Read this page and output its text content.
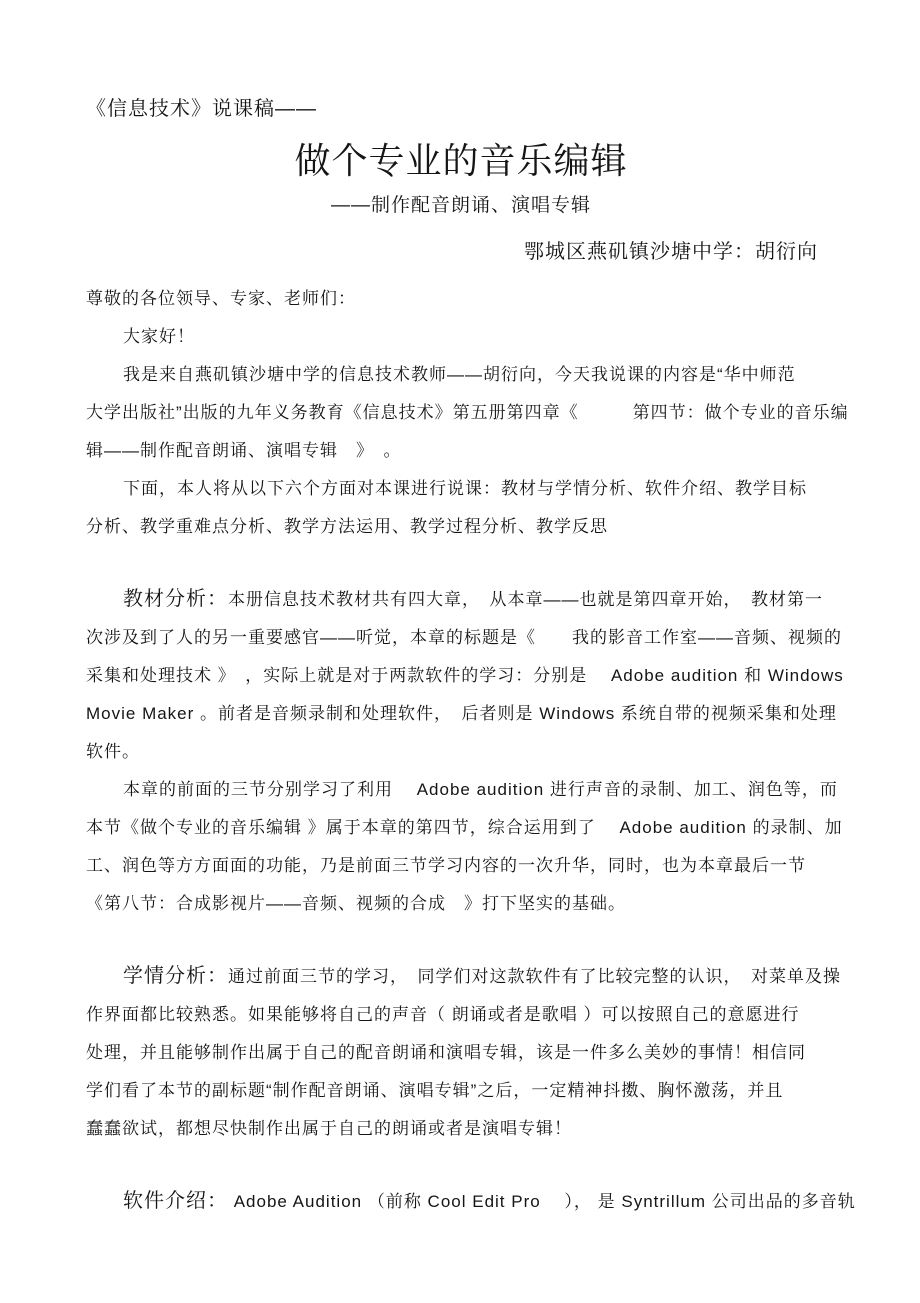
《信息技术》说课稿——
做个专业的音乐编辑
——制作配音朗诵、演唱专辑
鄂城区燕矶镇沙塘中学：胡衍向
尊敬的各位领导、专家、老师们：
大家好！
我是来自燕矶镇沙塘中学的信息技术教师——胡衍向，今天我说课的内容是“华中师范
大学出版社”出版的九年义务教育《信息技术》第五册第四章《　　　第四节：做个专业的音乐编
辑——制作配音朗诵、演唱专辑　》　。
下面，本人将从以下六个方面对本课进行说课：教材与学情分析、软件介绍、教学目标
分析、教学重难点分析、教学方法运用、教学过程分析、教学反思
教材分析：本册信息技术教材共有四大章，　从本章——也就是第四章开始，　教材第一
次涉及到了人的另一重要感官——听觉，本章的标题是《　　我的影音工作室——音频、视频的
采集和处理技术 》　，实际上就是对于两款软件的学习：分别是　 Adobe audition 和 Windows
Movie Maker 。前者是音频录制和处理软件，　后者则是 Windows 系统自带的视频采集和处理
软件。
本章的前面的三节分别学习了利用　 Adobe audition 进行声音的录制、加工、润色等，而
本节《做个专业的音乐编辑 》属于本章的第四节，综合运用到了　 Adobe audition 的录制、加
工、润色等方方面面的功能，乃是前面三节学习内容的一次升华，同时，也为本章最后一节
《第八节：合成影视片——音频、视频的合成　》打下坚实的基础。
学情分析：通过前面三节的学习，　同学们对这款软件有了比较完整的认识，　对菜单及操
作界面都比较熟悉。如果能够将自己的声音（ 朗诵或者是歌唱 ）可以按照自己的意愿进行
处理，并且能够制作出属于自己的配音朗诵和演唱专辑，该是一件多么美妙的事情！相信同
学们看了本节的副标题“制作配音朗诵、演唱专辑”之后，一定精神抖擞、胸怀激荡，并且
蠢蠢欲试，都想尽快制作出属于自己的朗诵或者是演唱专辑！
软件介绍： Adobe Audition （前称 Cool Edit Pro　 ）， 是 Syntrillum 公司出品的多音轨
